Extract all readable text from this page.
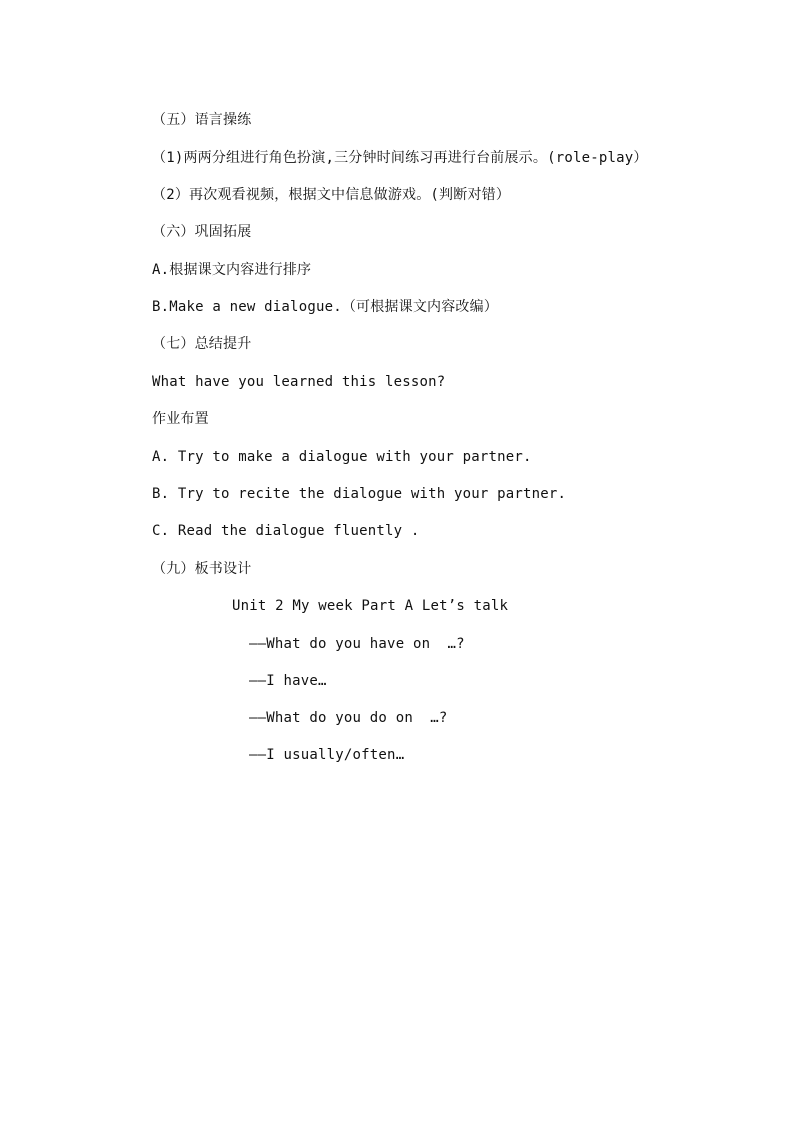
（五）语言操练
（1)两两分组进行角色扮演,三分钟时间练习再进行台前展示。(role-play）
（2）再次观看视频，根据文中信息做游戏。(判断对错）
（六）巩固拓展
A.根据课文内容进行排序
B.Make a new dialogue.（可根据课文内容改编）
（七）总结提升
What have you learned this lesson?
作业布置
A. Try to make a dialogue with your partner.
B. Try to recite the dialogue with your partner.
C. Read the dialogue fluently .
（九）板书设计
Unit 2 My week Part A Let’s talk
——What do you have on  …?
——I have…
——What do you do on  …?
——I usually/often…
